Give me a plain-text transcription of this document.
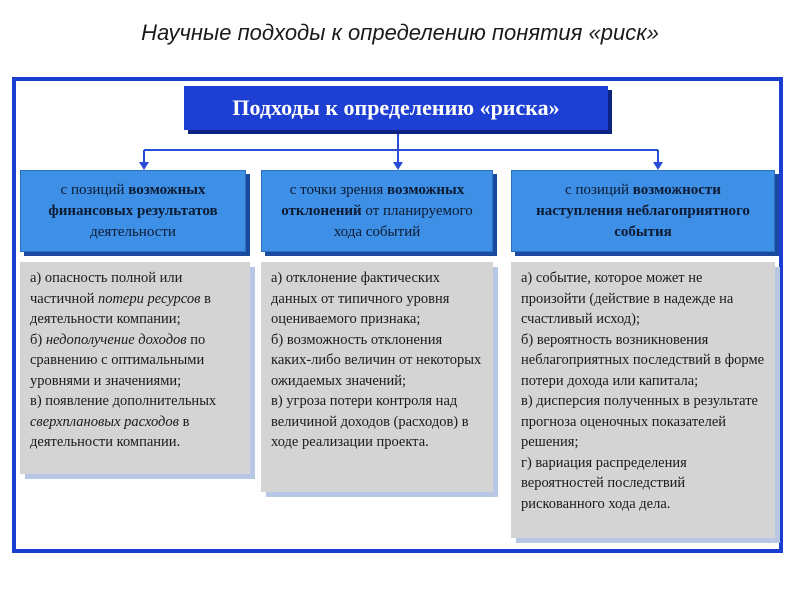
Научные подходы к определению понятия «риск»
Подходы к определению «риска»
с позиций возможных финансовых результатов деятельности
с точки зрения возможных отклонений от планируемого хода событий
с позиций возможности наступления неблагоприятного события

а) опасность полной или частичной потери ресурсов в деятельности компании;

б) недополучение доходов по сравнению с оптимальными уровнями и значениями;

в) появление дополнительных сверхплановых расходов в деятельности компании.

а) отклонение фактических данных от типичного уровня оцениваемого признака;

б) возможность отклонения каких-либо величин от некоторых ожидаемых значений;

в) угроза потери контроля над величиной доходов (расходов) в ходе реализации проекта.

а) событие, которое может не произойти (действие в надежде на счастливый исход);

б) вероятность возникновения неблагоприятных последствий в форме потери дохода или капитала;

в) дисперсия полученных в результате прогноза оценочных показателей решения;

г) вариация распределения вероятностей последствий рискованного хода дела.
